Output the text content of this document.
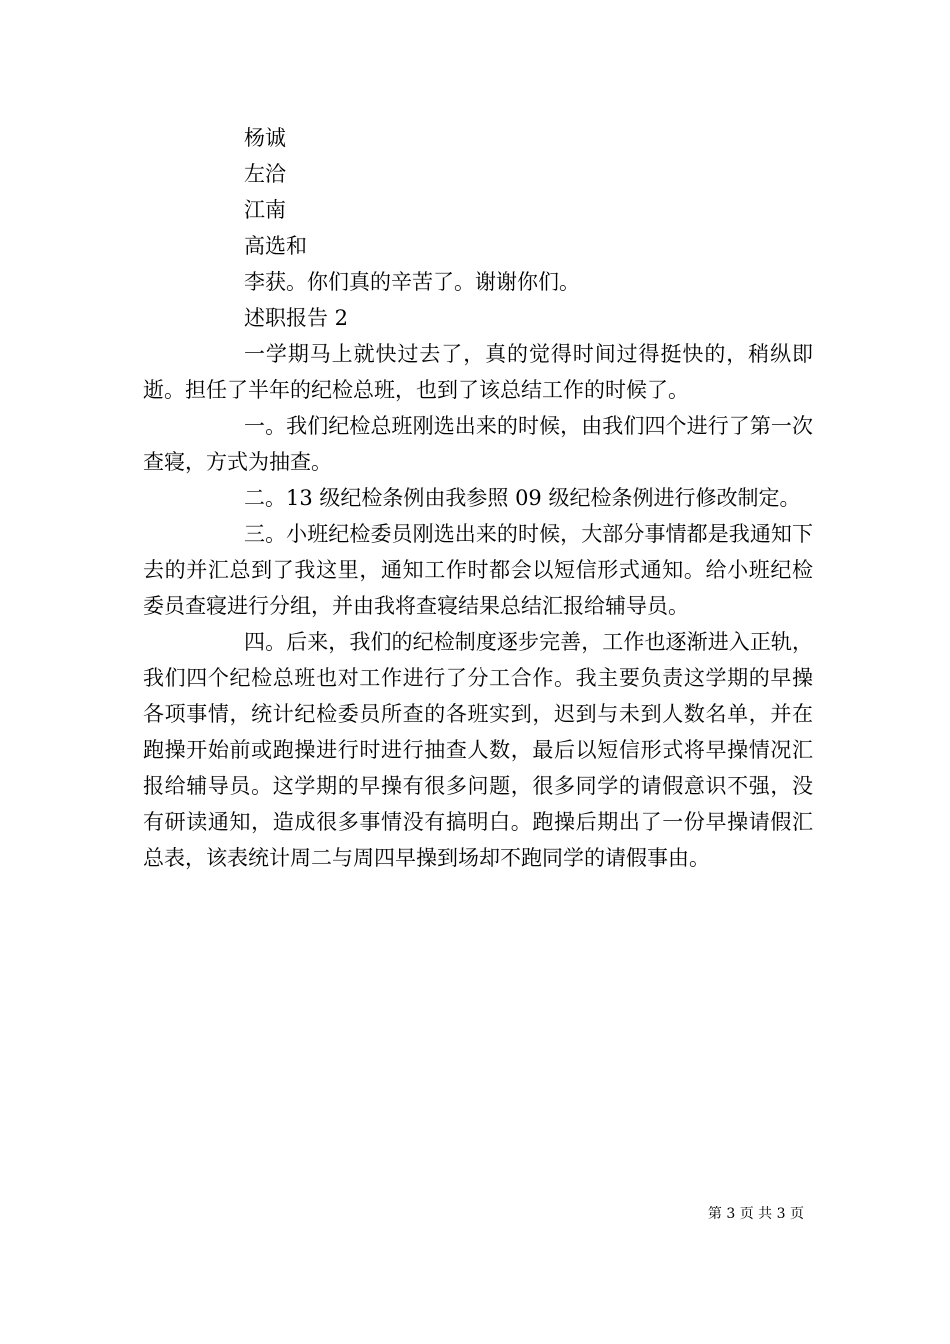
杨诚

左洽

江南

高选和

李获。你们真的辛苦了。谢谢你们。

述职报告 2

一学期马上就快过去了，真的觉得时间过得挺快的，稍纵即逝。担任了半年的纪检总班，也到了该总结工作的时候了。

一。我们纪检总班刚选出来的时候，由我们四个进行了第一次查寝，方式为抽查。

二。13 级纪检条例由我参照 09 级纪检条例进行修改制定。

三。小班纪检委员刚选出来的时候，大部分事情都是我通知下去的并汇总到了我这里，通知工作时都会以短信形式通知。给小班纪检委员查寝进行分组，并由我将查寝结果总结汇报给辅导员。

四。后来，我们的纪检制度逐步完善，工作也逐渐进入正轨，我们四个纪检总班也对工作进行了分工合作。我主要负责这学期的早操各项事情，统计纪检委员所查的各班实到，迟到与未到人数名单，并在跑操开始前或跑操进行时进行抽查人数，最后以短信形式将早操情况汇报给辅导员。这学期的早操有很多问题，很多同学的请假意识不强，没有研读通知，造成很多事情没有搞明白。跑操后期出了一份早操请假汇总表，该表统计周二与周四早操到场却不跑同学的请假事由。

第 3 页 共 3 页
